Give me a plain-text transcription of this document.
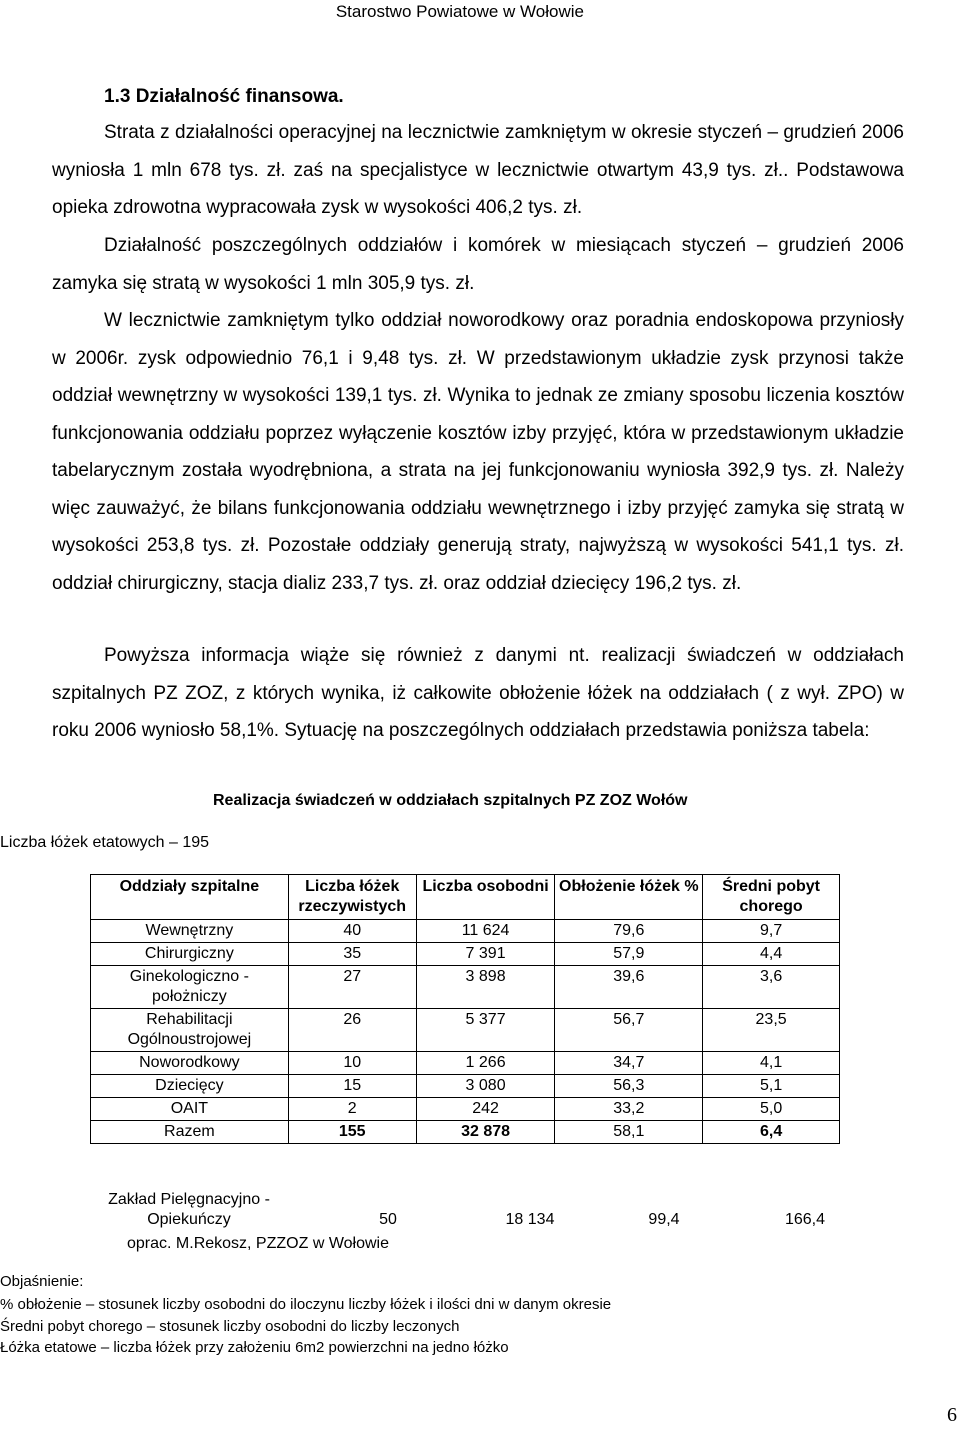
Starostwo Powiatowe w Wołowie
1.3 Działalność finansowa.
Strata z działalności operacyjnej na lecznictwie zamkniętym w okresie styczeń – grudzień 2006 wyniosła 1 mln 678 tys. zł. zaś na specjalistyce w lecznictwie otwartym 43,9 tys. zł.. Podstawowa opieka zdrowotna wypracowała zysk w wysokości 406,2 tys. zł.
Działalność poszczególnych oddziałów i komórek w miesiącach styczeń – grudzień 2006 zamyka się stratą w wysokości 1 mln 305,9 tys. zł.
W lecznictwie zamkniętym tylko oddział noworodkowy oraz poradnia endoskopowa przyniosły w 2006r. zysk odpowiednio 76,1 i 9,48 tys. zł. W przedstawionym układzie zysk przynosi także oddział wewnętrzny w wysokości 139,1 tys. zł. Wynika to jednak ze zmiany sposobu liczenia kosztów funkcjonowania oddziału poprzez wyłączenie kosztów izby przyjęć, która w przedstawionym układzie tabelarycznym została wyodrębniona, a strata na jej funkcjonowaniu wyniosła 392,9 tys. zł. Należy więc zauważyć, że bilans funkcjonowania oddziału wewnętrznego i izby przyjęć zamyka się stratą w wysokości 253,8 tys. zł. Pozostałe oddziały generują straty, najwyższą w wysokości 541,1 tys. zł. oddział chirurgiczny, stacja dializ 233,7 tys. zł. oraz oddział dziecięcy 196,2 tys. zł.
Powyższa informacja wiąże się również z danymi nt. realizacji świadczeń w oddziałach szpitalnych PZ ZOZ, z których wynika, iż całkowite obłożenie łóżek na oddziałach ( z wył. ZPO) w roku 2006 wyniosło 58,1%. Sytuację na poszczególnych oddziałach przedstawia poniższa tabela:
Realizacja świadczeń w oddziałach szpitalnych PZ ZOZ Wołów
Liczba łóżek etatowych – 195
Oddziały szpitalne	Liczba łóżek rzeczywistych	Liczba osobodni	Obłożenie łóżek %	Średni pobyt chorego
Wewnętrzny	40	11 624	79,6	9,7
Chirurgiczny	35	7 391	57,9	4,4
Ginekologiczno - położniczy	27	3 898	39,6	3,6
Rehabilitacji Ogólnoustrojowej	26	5 377	56,7	23,5
Noworodkowy	10	1 266	34,7	4,1
Dziecięcy	15	3 080	56,3	5,1
OAIT	2	242	33,2	5,0
Razem	155	32 878	58,1	6,4
Zakład Pielęgnacyjno - Opiekuńczy	50	18 134	99,4	166,4
oprac. M.Rekosz, PZZOZ w Wołowie
Objaśnienie:
% obłożenie – stosunek liczby osobodni do iloczynu liczby łóżek i ilości dni w danym okresie
Średni pobyt chorego – stosunek liczby osobodni do liczby leczonych
Łóżka etatowe – liczba łóżek przy założeniu 6m2 powierzchni na jedno łóżko
6
